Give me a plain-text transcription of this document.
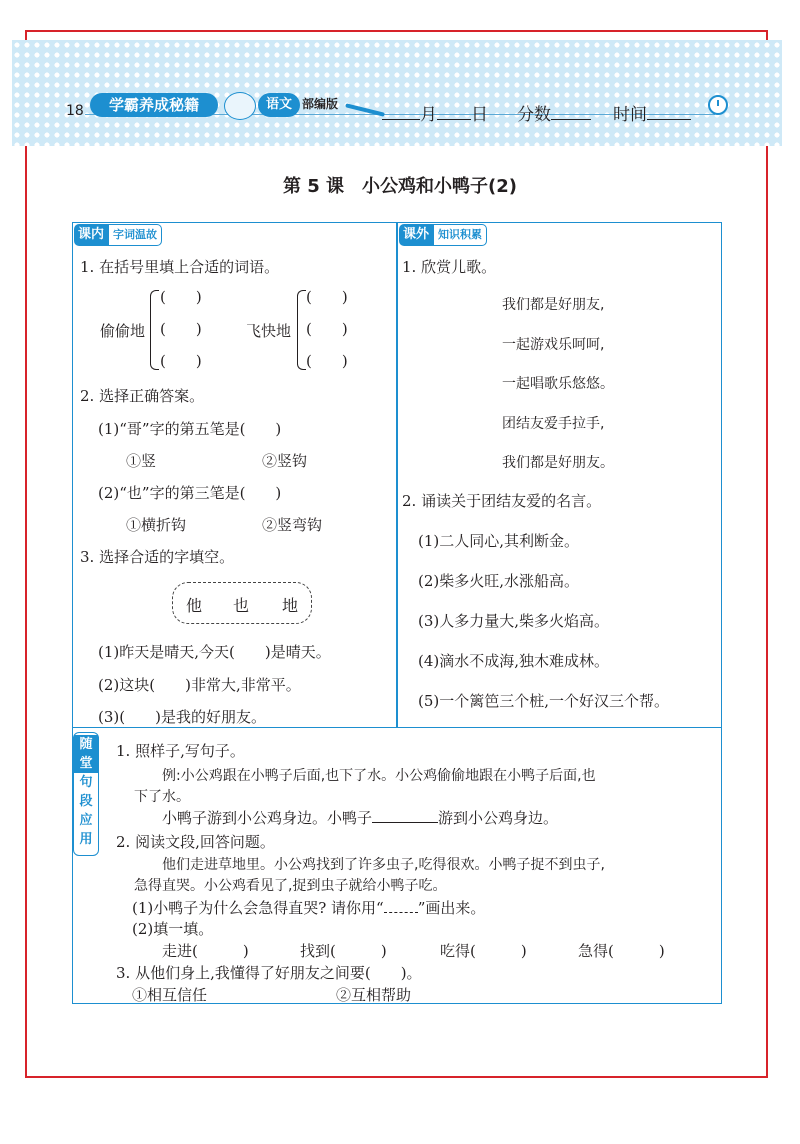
18	学霸养成秘籍	语文 部编版
月 日 分数	时间
第 5 课　小公鸡和小鸭子(2)
课内 字词温故
1. 在括号里填上合适的词语。
偷偷地
(　　)
(　　)
(　　)
飞快地
(　　)
(　　)
(　　)
2. 选择正确答案。
(1)“哥”字的第五笔是(　　)
①竖	②竖钩
(2)“也”字的第三笔是(　　)
①横折钩	②竖弯钩
3. 选择合适的字填空。
他 也 地
(1)昨天是晴天,今天(　　)是晴天。
(2)这块(　　)非常大,非常平。
(3)(　　)是我的好朋友。
课外 知识积累
1. 欣赏儿歌。
我们都是好朋友,
一起游戏乐呵呵,
一起唱歌乐悠悠。
团结友爱手拉手,
我们都是好朋友。
2. 诵读关于团结友爱的名言。
(1)二人同心,其利断金。
(2)柴多火旺,水涨船高。
(3)人多力量大,柴多火焰高。
(4)滴水不成海,独木难成林。
(5)一个篱笆三个桩,一个好汉三个帮。
随
堂
句
段
应
用
1. 照样子,写句子。
例:小公鸡跟在小鸭子后面,也下了水。小公鸡偷偷地跟在小鸭子后面,也
下了水。
小鸭子游到小公鸡身边。小鸭子	游到小公鸡身边。
2. 阅读文段,回答问题。
他们走进草地里。小公鸡找到了许多虫子,吃得很欢。小鸭子捉不到虫子,
急得直哭。小公鸡看见了,捉到虫子就给小鸭子吃。
(1)小鸭子为什么会急得直哭? 请你用“ ”画出来。
(2)填一填。
走进(　　　)	找到(　　　)	吃得(　　　)	急得(　　　)
3. 从他们身上,我懂得了好朋友之间要(　　)。
①相互信任	②互相帮助
